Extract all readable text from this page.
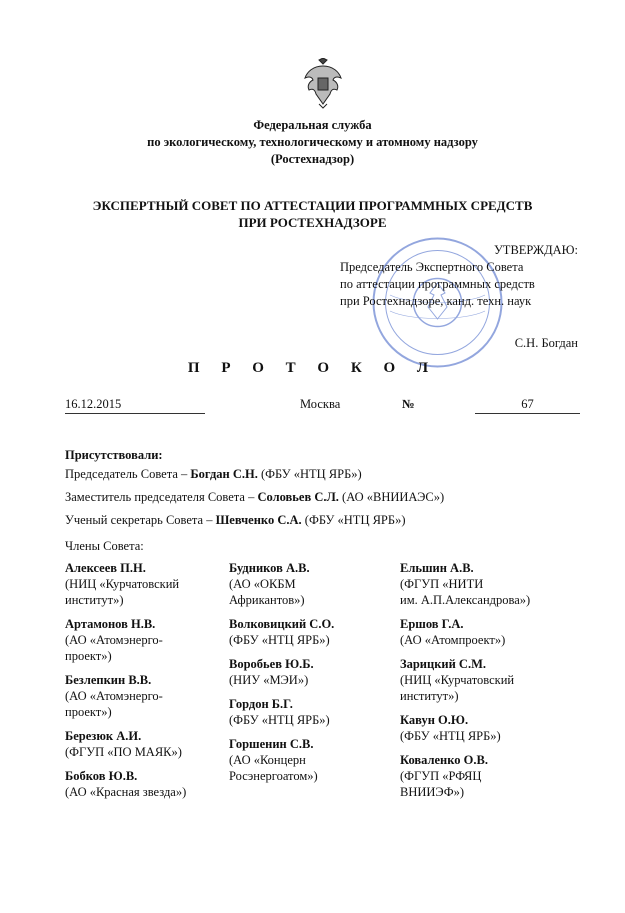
Федеральная служба
по экологическому, технологическому и атомному надзору
(Ростехнадзор)
ЭКСПЕРТНЫЙ СОВЕТ ПО АТТЕСТАЦИИ ПРОГРАММНЫХ СРЕДСТВ
ПРИ РОСТЕХНАДЗОРЕ
УТВЕРЖДАЮ:
Председатель Экспертного Совета
по аттестации программных средств
при Ростехнадзоре, канд. техн. наук
С.Н. Богдан
П Р О Т О К О Л
16.12.2015	Москва	№	67
Присутствовали:
Председатель Совета – Богдан С.Н. (ФБУ «НТЦ ЯРБ»)
Заместитель председателя Совета – Соловьев С.Л. (АО «ВНИИАЭС»)
Ученый секретарь Совета – Шевченко С.А. (ФБУ «НТЦ ЯРБ»)
Члены Совета:
Алексеев П.Н.
(НИЦ «Курчатовский
институт»)
Артамонов Н.В.
(АО «Атомэнерго-
проект»)
Безлепкин В.В.
(АО «Атомэнерго-
проект»)
Березюк А.И.
(ФГУП «ПО МАЯК»)
Бобков Ю.В.
(АО «Красная звезда»)
Будников А.В.
(АО «ОКБМ
Африкантов»)
Волковицкий С.О.
(ФБУ «НТЦ ЯРБ»)
Воробьев Ю.Б.
(НИУ «МЭИ»)
Гордон Б.Г.
(ФБУ «НТЦ ЯРБ»)
Горшенин С.В.
(АО «Концерн
Росэнергоатом»)
Ельшин А.В.
(ФГУП «НИТИ
им. А.П.Александрова»)
Ершов Г.А.
(АО «Атомпроект»)
Зарицкий С.М.
(НИЦ «Курчатовский
институт»)
Кавун О.Ю.
(ФБУ «НТЦ ЯРБ»)
Коваленко О.В.
(ФГУП «РФЯЦ
ВНИИЭФ»)
